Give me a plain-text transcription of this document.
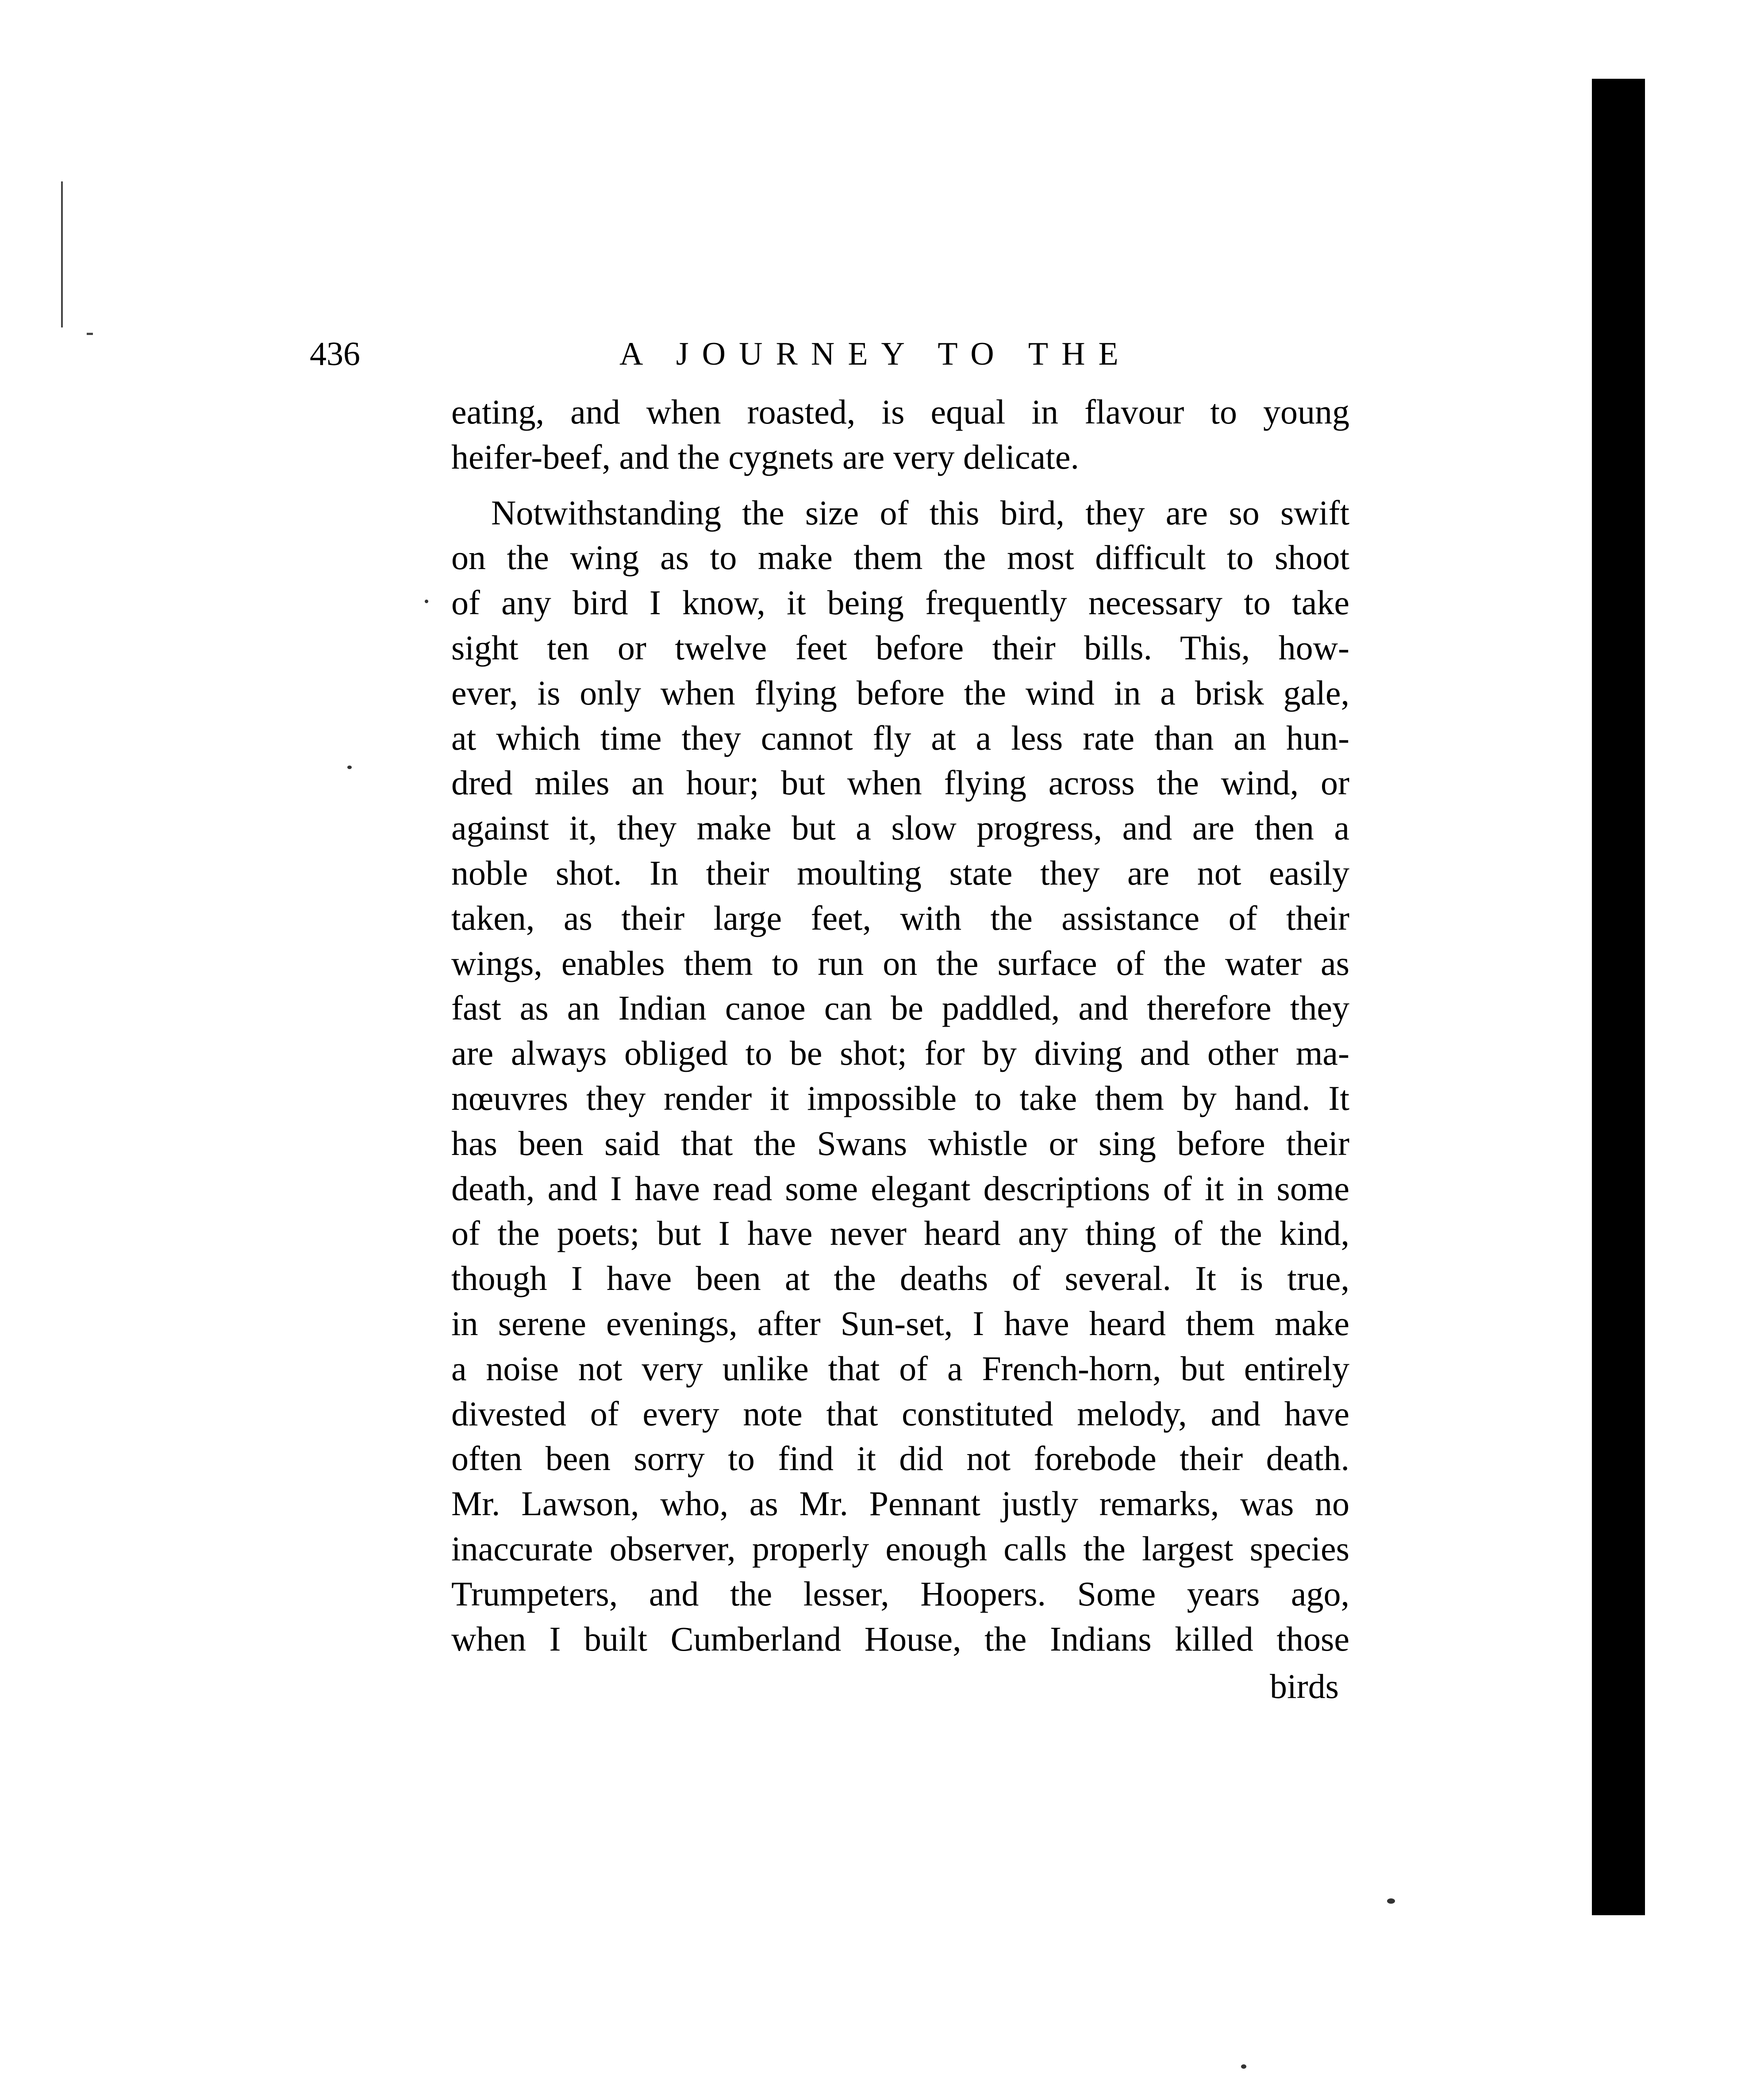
436	A JOURNEY TO THE
eating, and when roasted, is equal in flavour to young
heifer-beef, and the cygnets are very delicate.
Notwithstanding the size of this bird, they are so swift
on the wing as to make them the most difficult to shoot
of any bird I know, it being frequently necessary to take
sight ten or twelve feet before their bills. This, how-
ever, is only when flying before the wind in a brisk gale,
at which time they cannot fly at a less rate than an hun-
dred miles an hour; but when flying across the wind, or
against it, they make but a slow progress, and are then a
noble shot. In their moulting state they are not easily
taken, as their large feet, with the assistance of their
wings, enables them to run on the surface of the water as
fast as an Indian canoe can be paddled, and therefore they
are always obliged to be shot; for by diving and other ma-
nœuvres they render it impossible to take them by hand. It
has been said that the Swans whistle or sing before their
death, and I have read some elegant descriptions of it in some
of the poets; but I have never heard any thing of the kind,
though I have been at the deaths of several. It is true,
in serene evenings, after Sun-set, I have heard them make
a noise not very unlike that of a French-horn, but entirely
divested of every note that constituted melody, and have
often been sorry to find it did not forebode their death.
Mr. Lawson, who, as Mr. Pennant justly remarks, was no
inaccurate observer, properly enough calls the largest species
Trumpeters, and the lesser, Hoopers. Some years ago,
when I built Cumberland House, the Indians killed those
birds
